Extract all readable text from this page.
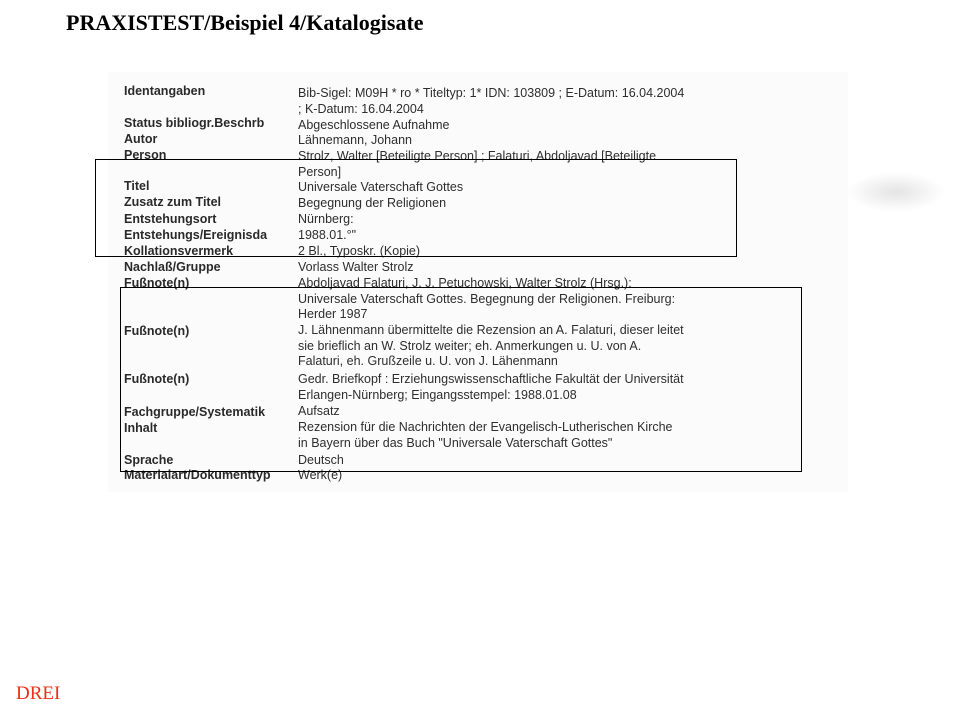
PRAXISTEST/Beispiel 4/Katalogisate
Identangaben	Bib-Sigel: M09H * ro * Titeltyp: 1* IDN: 103809 ; E-Datum: 16.04.2004
; K-Datum: 16.04.2004
Status bibliogr.Beschrb	Abgeschlossene Aufnahme
Autor	Lähnemann, Johann
Person	Strolz, Walter [Beteiligte Person] ; Falaturi, Abdoljavad [Beteiligte
Person]
Titel	Universale Vaterschaft Gottes
Zusatz zum Titel	Begegnung der Religionen
Entstehungsort	Nürnberg:
Entstehungs/Ereignisda	1988.01.°"
Kollationsvermerk	2 Bl., Typoskr. (Kopie)
Nachlaß/Gruppe	Vorlass Walter Strolz
Fußnote(n)	Abdoljavad Falaturi, J. J. Petuchowski, Walter Strolz (Hrsg.):
Universale Vaterschaft Gottes. Begegnung der Religionen. Freiburg:
Herder 1987
Fußnote(n)	J. Lähnenmann übermittelte die Rezension an A. Falaturi, dieser leitet
sie brieflich an W. Strolz weiter; eh. Anmerkungen u. U. von A.
Falaturi, eh. Grußzeile u. U. von J. Lähenmann
Fußnote(n)	Gedr. Briefkopf : Erziehungswissenschaftliche Fakultät der Universität
Erlangen-Nürnberg; Eingangsstempel: 1988.01.08
Fachgruppe/Systematik	Aufsatz
Inhalt	Rezension für die Nachrichten der Evangelisch-Lutherischen Kirche
in Bayern über das Buch "Universale Vaterschaft Gottes"
Sprache	Deutsch
Materialart/Dokumenttyp	Werk(e)
DREI
